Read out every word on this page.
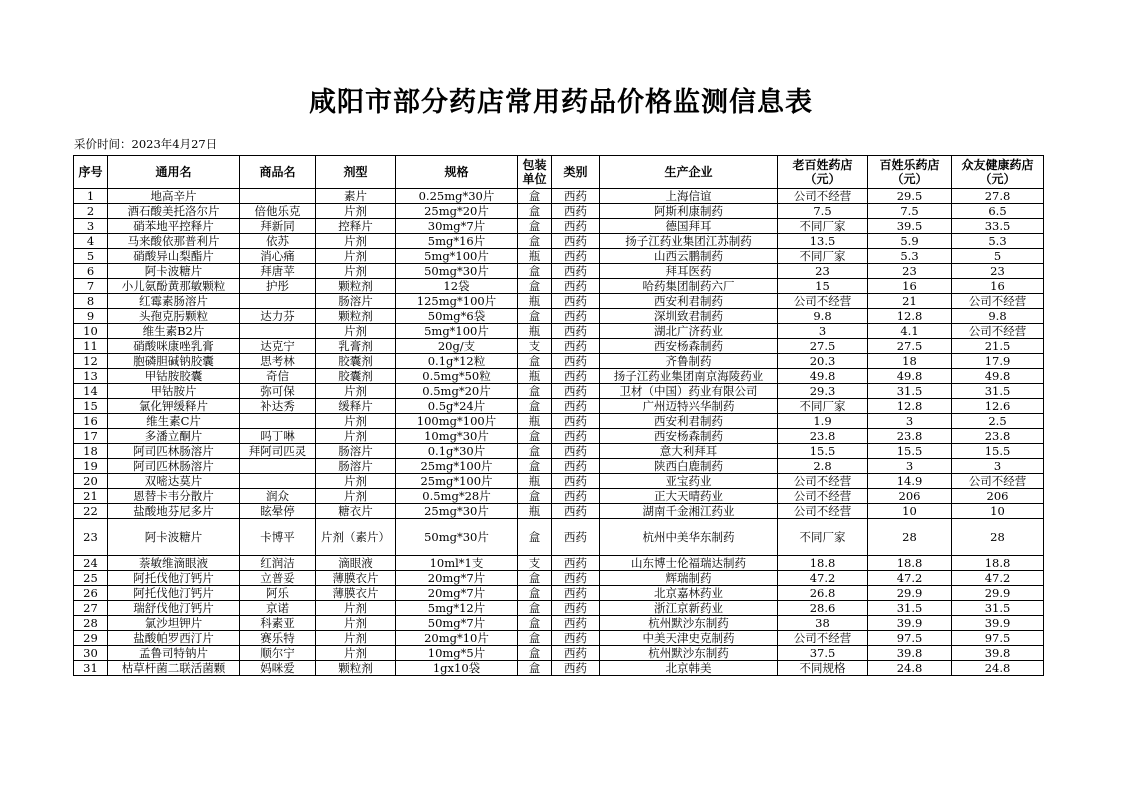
咸阳市部分药店常用药品价格监测信息表
采价时间：2023年4月27日
序号	通用名	商品名	剂型	规格	包装单位	类别	生产企业	老百姓药店（元）	百姓乐药店（元）	众友健康药店（元）
1	地高辛片		素片	0.25mg*30片	盒	西药	上海信谊	公司不经营	29.5	27.8
2	酒石酸美托洛尔片	倍他乐克	片剂	25mg*20片	盒	西药	阿斯利康制药	7.5	7.5	6.5
3	硝苯地平控释片	拜新同	控释片	30mg*7片	盒	西药	德国拜耳	不同厂家	39.5	33.5
4	马来酸依那普利片	依苏	片剂	5mg*16片	盒	西药	扬子江药业集团江苏制药	13.5	5.9	5.3
5	硝酸异山梨酯片	消心痛	片剂	5mg*100片	瓶	西药	山西云鹏制药	不同厂家	5.3	5
6	阿卡波糖片	拜唐苹	片剂	50mg*30片	盒	西药	拜耳医药	23	23	23
7	小儿氨酚黄那敏颗粒	护彤	颗粒剂	12袋	盒	西药	哈药集团制药六厂	15	16	16
8	红霉素肠溶片		肠溶片	125mg*100片	瓶	西药	西安利君制药	公司不经营	21	公司不经营
9	头孢克肟颗粒	达力芬	颗粒剂	50mg*6袋	盒	西药	深圳致君制药	9.8	12.8	9.8
10	维生素B2片		片剂	5mg*100片	瓶	西药	湖北广济药业	3	4.1	公司不经营
11	硝酸咪康唑乳膏	达克宁	乳膏剂	20g/支	支	西药	西安杨森制药	27.5	27.5	21.5
12	胞磷胆碱钠胶囊	思考林	胶囊剂	0.1g*12粒	盒	西药	齐鲁制药	20.3	18	17.9
13	甲钴胺胶囊	奇信	胶囊剂	0.5mg*50粒	瓶	西药	扬子江药业集团南京海陵药业	49.8	49.8	49.8
14	甲钴胺片	弥可保	片剂	0.5mg*20片	盒	西药	卫材（中国）药业有限公司	29.3	31.5	31.5
15	氯化钾缓释片	补达秀	缓释片	0.5g*24片	盒	西药	广州迈特兴华制药	不同厂家	12.8	12.6
16	维生素C片		片剂	100mg*100片	瓶	西药	西安利君制药	1.9	3	2.5
17	多潘立酮片	吗丁啉	片剂	10mg*30片	盒	西药	西安杨森制药	23.8	23.8	23.8
18	阿司匹林肠溶片	拜阿司匹灵	肠溶片	0.1g*30片	盒	西药	意大利拜耳	15.5	15.5	15.5
19	阿司匹林肠溶片		肠溶片	25mg*100片	盒	西药	陕西白鹿制药	2.8	3	3
20	双嘧达莫片		片剂	25mg*100片	瓶	西药	亚宝药业	公司不经营	14.9	公司不经营
21	恩替卡韦分散片	润众	片剂	0.5mg*28片	盒	西药	正大天晴药业	公司不经营	206	206
22	盐酸地芬尼多片	眩晕停	糖衣片	25mg*30片	瓶	西药	湖南千金湘江药业	公司不经营	10	10
23	阿卡波糖片	卡博平	片剂（素片）	50mg*30片	盒	西药	杭州中美华东制药	不同厂家	28	28
24	萘敏维滴眼液	红润洁	滴眼液	10ml*1支	支	西药	山东博士伦福瑞达制药	18.8	18.8	18.8
25	阿托伐他汀钙片	立普妥	薄膜衣片	20mg*7片	盒	西药	辉瑞制药	47.2	47.2	47.2
26	阿托伐他汀钙片	阿乐	薄膜衣片	20mg*7片	盒	西药	北京嘉林药业	26.8	29.9	29.9
27	瑞舒伐他汀钙片	京诺	片剂	5mg*12片	盒	西药	浙江京新药业	28.6	31.5	31.5
28	氯沙坦钾片	科素亚	片剂	50mg*7片	盒	西药	杭州默沙东制药	38	39.9	39.9
29	盐酸帕罗西汀片	赛乐特	片剂	20mg*10片	盒	西药	中美天津史克制药	公司不经营	97.5	97.5
30	孟鲁司特钠片	顺尔宁	片剂	10mg*5片	盒	西药	杭州默沙东制药	37.5	39.8	39.8
31	枯草杆菌二联活菌颗	妈咪爱	颗粒剂	1gx10袋	盒	西药	北京韩美	不同规格	24.8	24.8
